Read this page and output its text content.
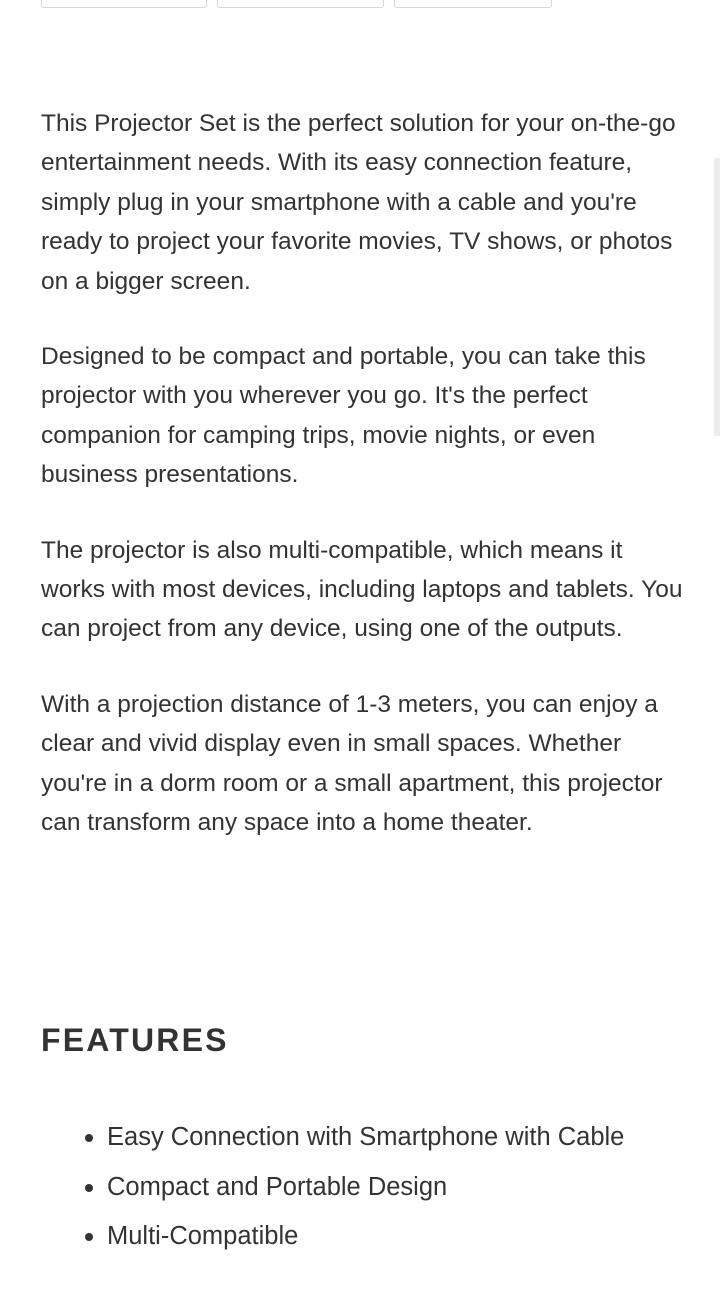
This Projector Set is the perfect solution for your on-the-go entertainment needs. With its easy connection feature, simply plug in your smartphone with a cable and you're ready to project your favorite movies, TV shows, or photos on a bigger screen.

Designed to be compact and portable, you can take this projector with you wherever you go. It's the perfect companion for camping trips, movie nights, or even business presentations.

The projector is also multi-compatible, which means it works with most devices, including laptops and tablets. You can project from any device, using one of the outputs.

With a projection distance of 1-3 meters, you can enjoy a clear and vivid display even in small spaces. Whether you're in a dorm room or a small apartment, this projector can transform any space into a home theater.

FEATURES
Easy Connection with Smartphone with Cable
Compact and Portable Design
Multi-Compatible
